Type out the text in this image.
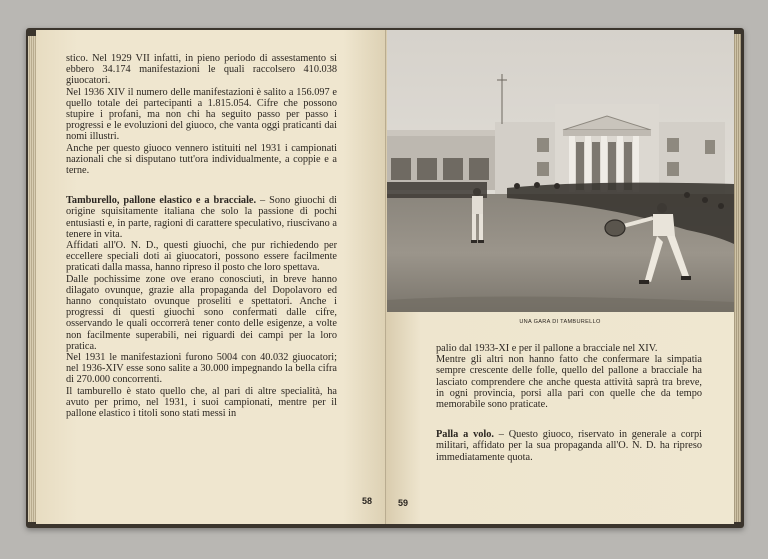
stico. Nel 1929 VII infatti, in pieno periodo di assestamento si ebbero 34.174 manifestazioni le quali raccolsero 410.038 giuocatori.

Nel 1936 XIV il numero delle manifestazioni è salito a 156.097 e quello totale dei partecipanti a 1.815.054. Cifre che possono stupire i profani, ma non chi ha seguito passo per passo i progressi e le evoluzioni del giuoco, che vanta oggi praticanti dai nomi illustri.

Anche per questo giuoco vennero istituiti nel 1931 i campionati nazionali che si disputano tutt'ora individualmente, a coppie e a terne.

Tamburello, pallone elastico e a bracciale. – Sono giuochi di origine squisitamente italiana che solo la passione di pochi entusiasti e, in parte, ragioni di carattere speculativo, riuscivano a tenere in vita.

Affidati all'O. N. D., questi giuochi, che pur richiedendo per eccellere speciali doti ai giuocatori, possono essere facilmente praticati dalla massa, hanno ripreso il posto che loro spettava.

Dalle pochissime zone ove erano conosciuti, in breve hanno dilagato ovunque, grazie alla propaganda del Dopolavoro ed hanno conquistato ovunque proseliti e spettatori. Anche i progressi di questi giuochi sono confermati dalle cifre, osservando le quali occorrerà tener conto delle esigenze, a volte non facilmente superabili, nei riguardi dei campi per la loro pratica.

Nel 1931 le manifestazioni furono 5004 con 40.032 giuocatori; nel 1936-XIV esse sono salite a 30.000 impegnando la bella cifra di 270.000 concorrenti.

Il tamburello è stato quello che, al pari di altre specialità, ha avuto per primo, nel 1931, i suoi campionati, mentre per il pallone elastico i titoli sono stati messi in

58
UNA GARA DI TAMBURELLO

palio dal 1933-XI e per il pallone a bracciale nel XIV.

Mentre gli altri non hanno fatto che confermare la simpatia sempre crescente delle folle, quello del pallone a bracciale ha lasciato comprendere che anche questa attività saprà tra breve, in ogni provincia, porsi alla pari con quelle che da tempo memorabile sono praticate.

Palla a volo. – Questo giuoco, riservato in generale a corpi militari, affidato per la sua propaganda all'O. N. D. ha ripreso immediatamente quota.

59
